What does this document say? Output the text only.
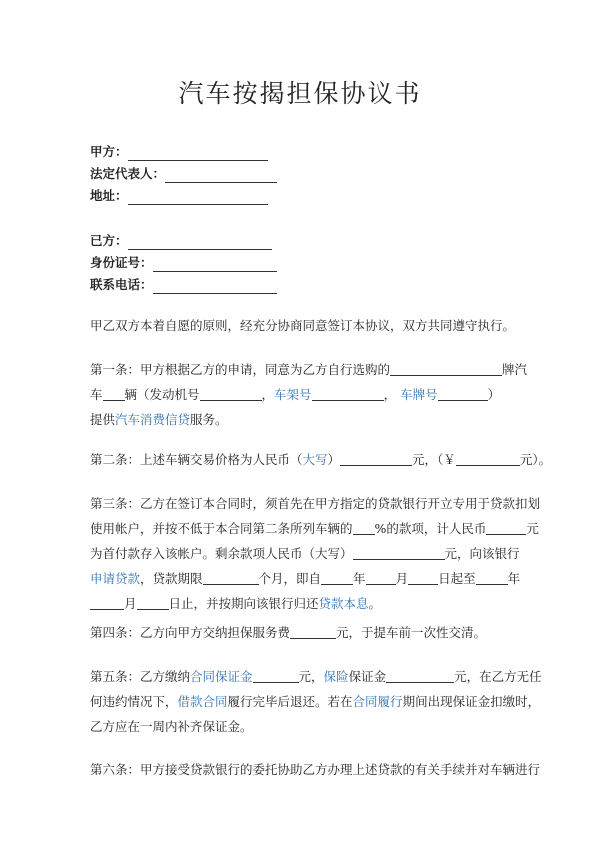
汽车按揭担保协议书
甲方：
法定代表人：
地址：
已方：
身份证号：
联系电话：
甲乙双方本着自愿的原则，经充分协商同意签订本协议，双方共同遵守执行。
第一条：甲方根据乙方的申请，同意为乙方自行选购的	牌汽
车 辆（发动机号	，车架号	， 车牌号	）
提供汽车消费信贷服务。
第二条：上述车辆交易价格为人民币（大写）	元，（￥	元）。
第三条：乙方在签订本合同时，须首先在甲方指定的贷款银行开立专用于贷款扣划
使用帐户，并按不低于本合同第二条所列车辆的 %的款项，计人民币	元
为首付款存入该帐户。剩余款项人民币（大写）	元，向该银行
申请贷款，贷款期限	个月，即自	年 月 日起至	年
月	日止，并按期向该银行归还贷款本息。
第四条：乙方向甲方交纳担保服务费	元，于提车前一次性交清。
第五条：乙方缴纳合同保证金	元，保险保证金	元，在乙方无任
何违约情况下，借款合同履行完毕后退还。若在合同履行期间出现保证金扣缴时，
乙方应在一周内补齐保证金。
第六条：甲方接受贷款银行的委托协助乙方办理上述贷款的有关手续并对车辆进行
